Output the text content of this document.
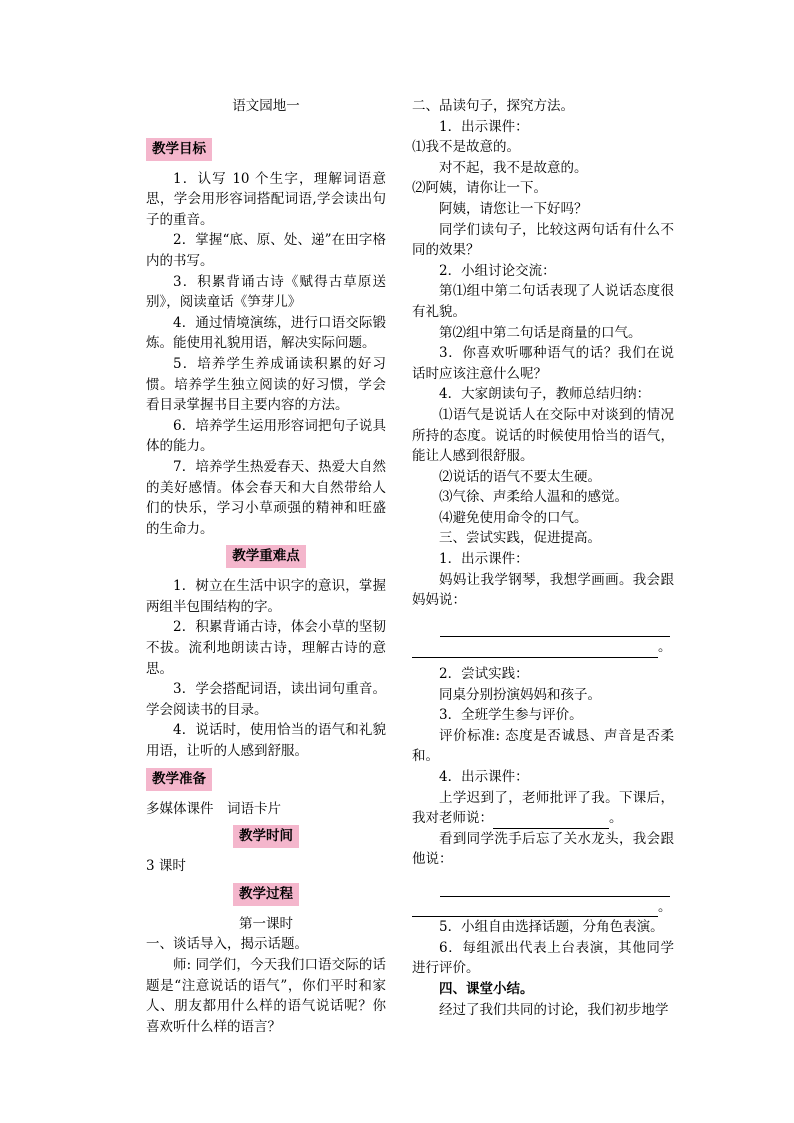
语文园地一

教学目标

1．认写 10 个生字，理解词语意思，学会用形容词搭配词语,学会读出句子的重音。

2．掌握“底、原、处、递”在田字格内的书写。

3．积累背诵古诗《赋得古草原送别》，阅读童话《笋芽儿》

4．通过情境演练，进行口语交际锻炼。能使用礼貌用语，解决实际问题。

5．培养学生养成诵读积累的好习惯。培养学生独立阅读的好习惯，学会看目录掌握书目主要内容的方法。

6．培养学生运用形容词把句子说具体的能力。

7．培养学生热爱春天、热爱大自然的美好感情。体会春天和大自然带给人们的快乐，学习小草顽强的精神和旺盛的生命力。

教学重难点

1．树立在生活中识字的意识，掌握两组半包围结构的字。

2．积累背诵古诗，体会小草的坚韧不拔。流利地朗读古诗，理解古诗的意思。

3．学会搭配词语，读出词句重音。学会阅读书的目录。

4．说话时，使用恰当的语气和礼貌用语，让听的人感到舒服。

教学准备

多媒体课件　词语卡片

教学时间

3 课时

教学过程

第一课时

一、谈话导入，揭示话题。

师: 同学们，今天我们口语交际的话题是“注意说话的语气”，你们平时和家人、朋友都用什么样的语气说话呢？你喜欢听什么样的语言？

二、品读句子，探究方法。

1．出示课件：

⑴我不是故意的。

对不起，我不是故意的。

⑵阿姨，请你让一下。

阿姨，请您让一下好吗？

同学们读句子，比较这两句话有什么不同的效果？

2．小组讨论交流：

第⑴组中第二句话表现了人说话态度很有礼貌。

第⑵组中第二句话是商量的口气。

3．你喜欢听哪种语气的话？我们在说话时应该注意什么呢？

4．大家朗读句子，教师总结归纳：

⑴语气是说话人在交际中对谈到的情况所持的态度。说话的时候使用恰当的语气，能让人感到很舒服。

⑵说话的语气不要太生硬。

⑶气徐、声柔给人温和的感觉。

⑷避免使用命令的口气。

三、尝试实践，促进提高。

1．出示课件：

妈妈让我学钢琴，我想学画画。我会跟妈妈说：

。

2．尝试实践：

同桌分别扮演妈妈和孩子。

3．全班学生参与评价。

评价标准: 态度是否诚恳、声音是否柔和。

4．出示课件：

上学迟到了，老师批评了我。下课后，我对老师说：	。

看到同学洗手后忘了关水龙头，我会跟他说：

。

5．小组自由选择话题，分角色表演。

6．每组派出代表上台表演，其他同学进行评价。

四、课堂小结。

经过了我们共同的讨论，我们初步地学
